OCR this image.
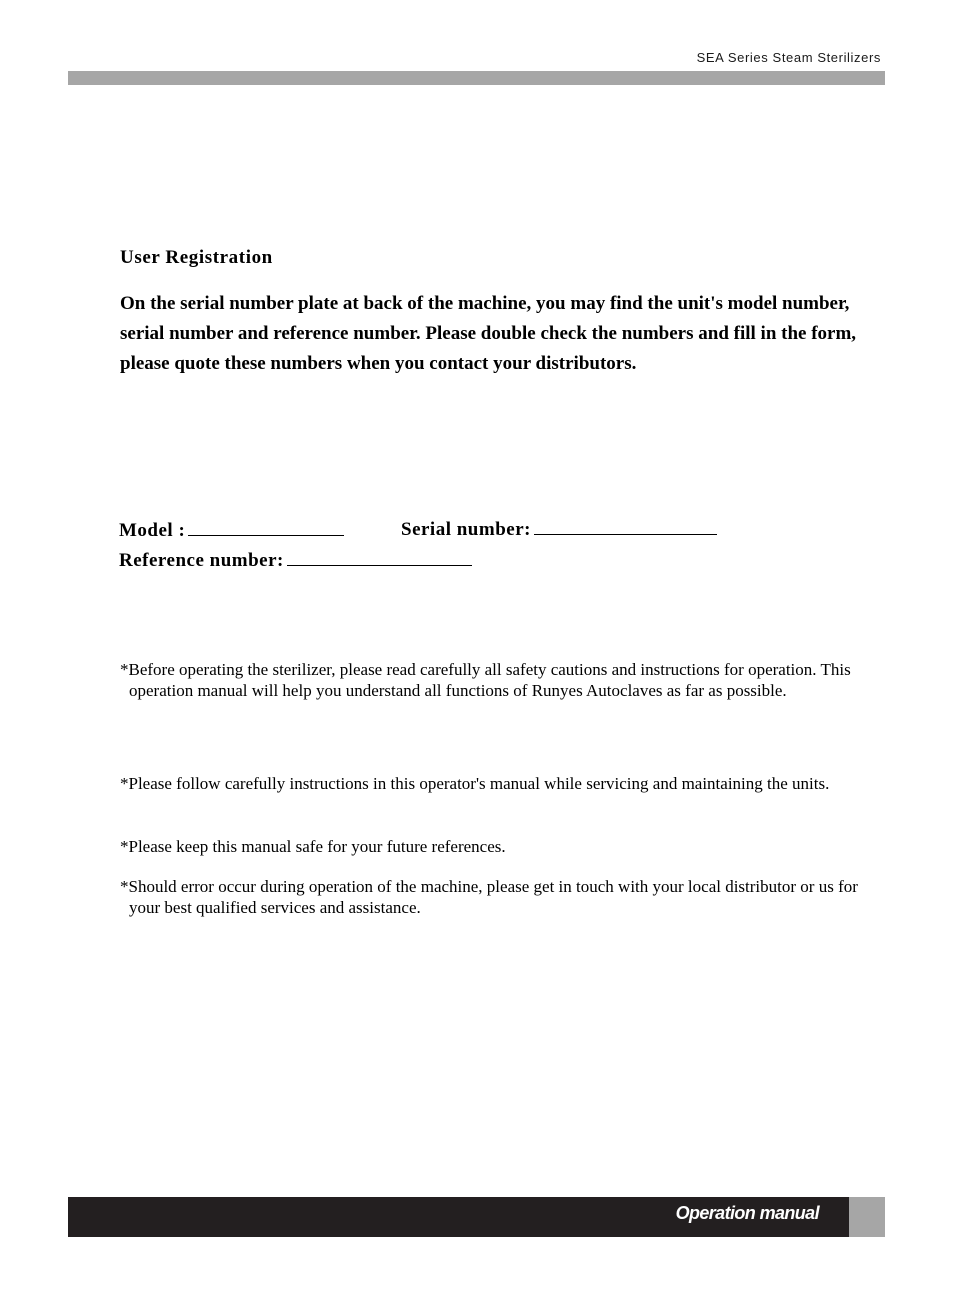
SEA Series Steam Sterilizers
User Registration

On the serial number plate at back of the machine, you may find the unit's model number, serial number and reference number. Please double check the numbers and fill in the form, please quote these numbers when you contact your distributors.

Model :	Serial number:
Reference number:

*Before operating the sterilizer, please read carefully all safety cautions and instructions for operation. This operation manual will help you understand all functions of Runyes Autoclaves as far as possible.

*Please follow carefully instructions in this operator's manual while servicing and maintaining the units.

*Please keep this manual safe for your future references.

*Should error occur during operation of the machine, please get in touch with your local distributor or us for your best qualified services and assistance.

Operation manual
